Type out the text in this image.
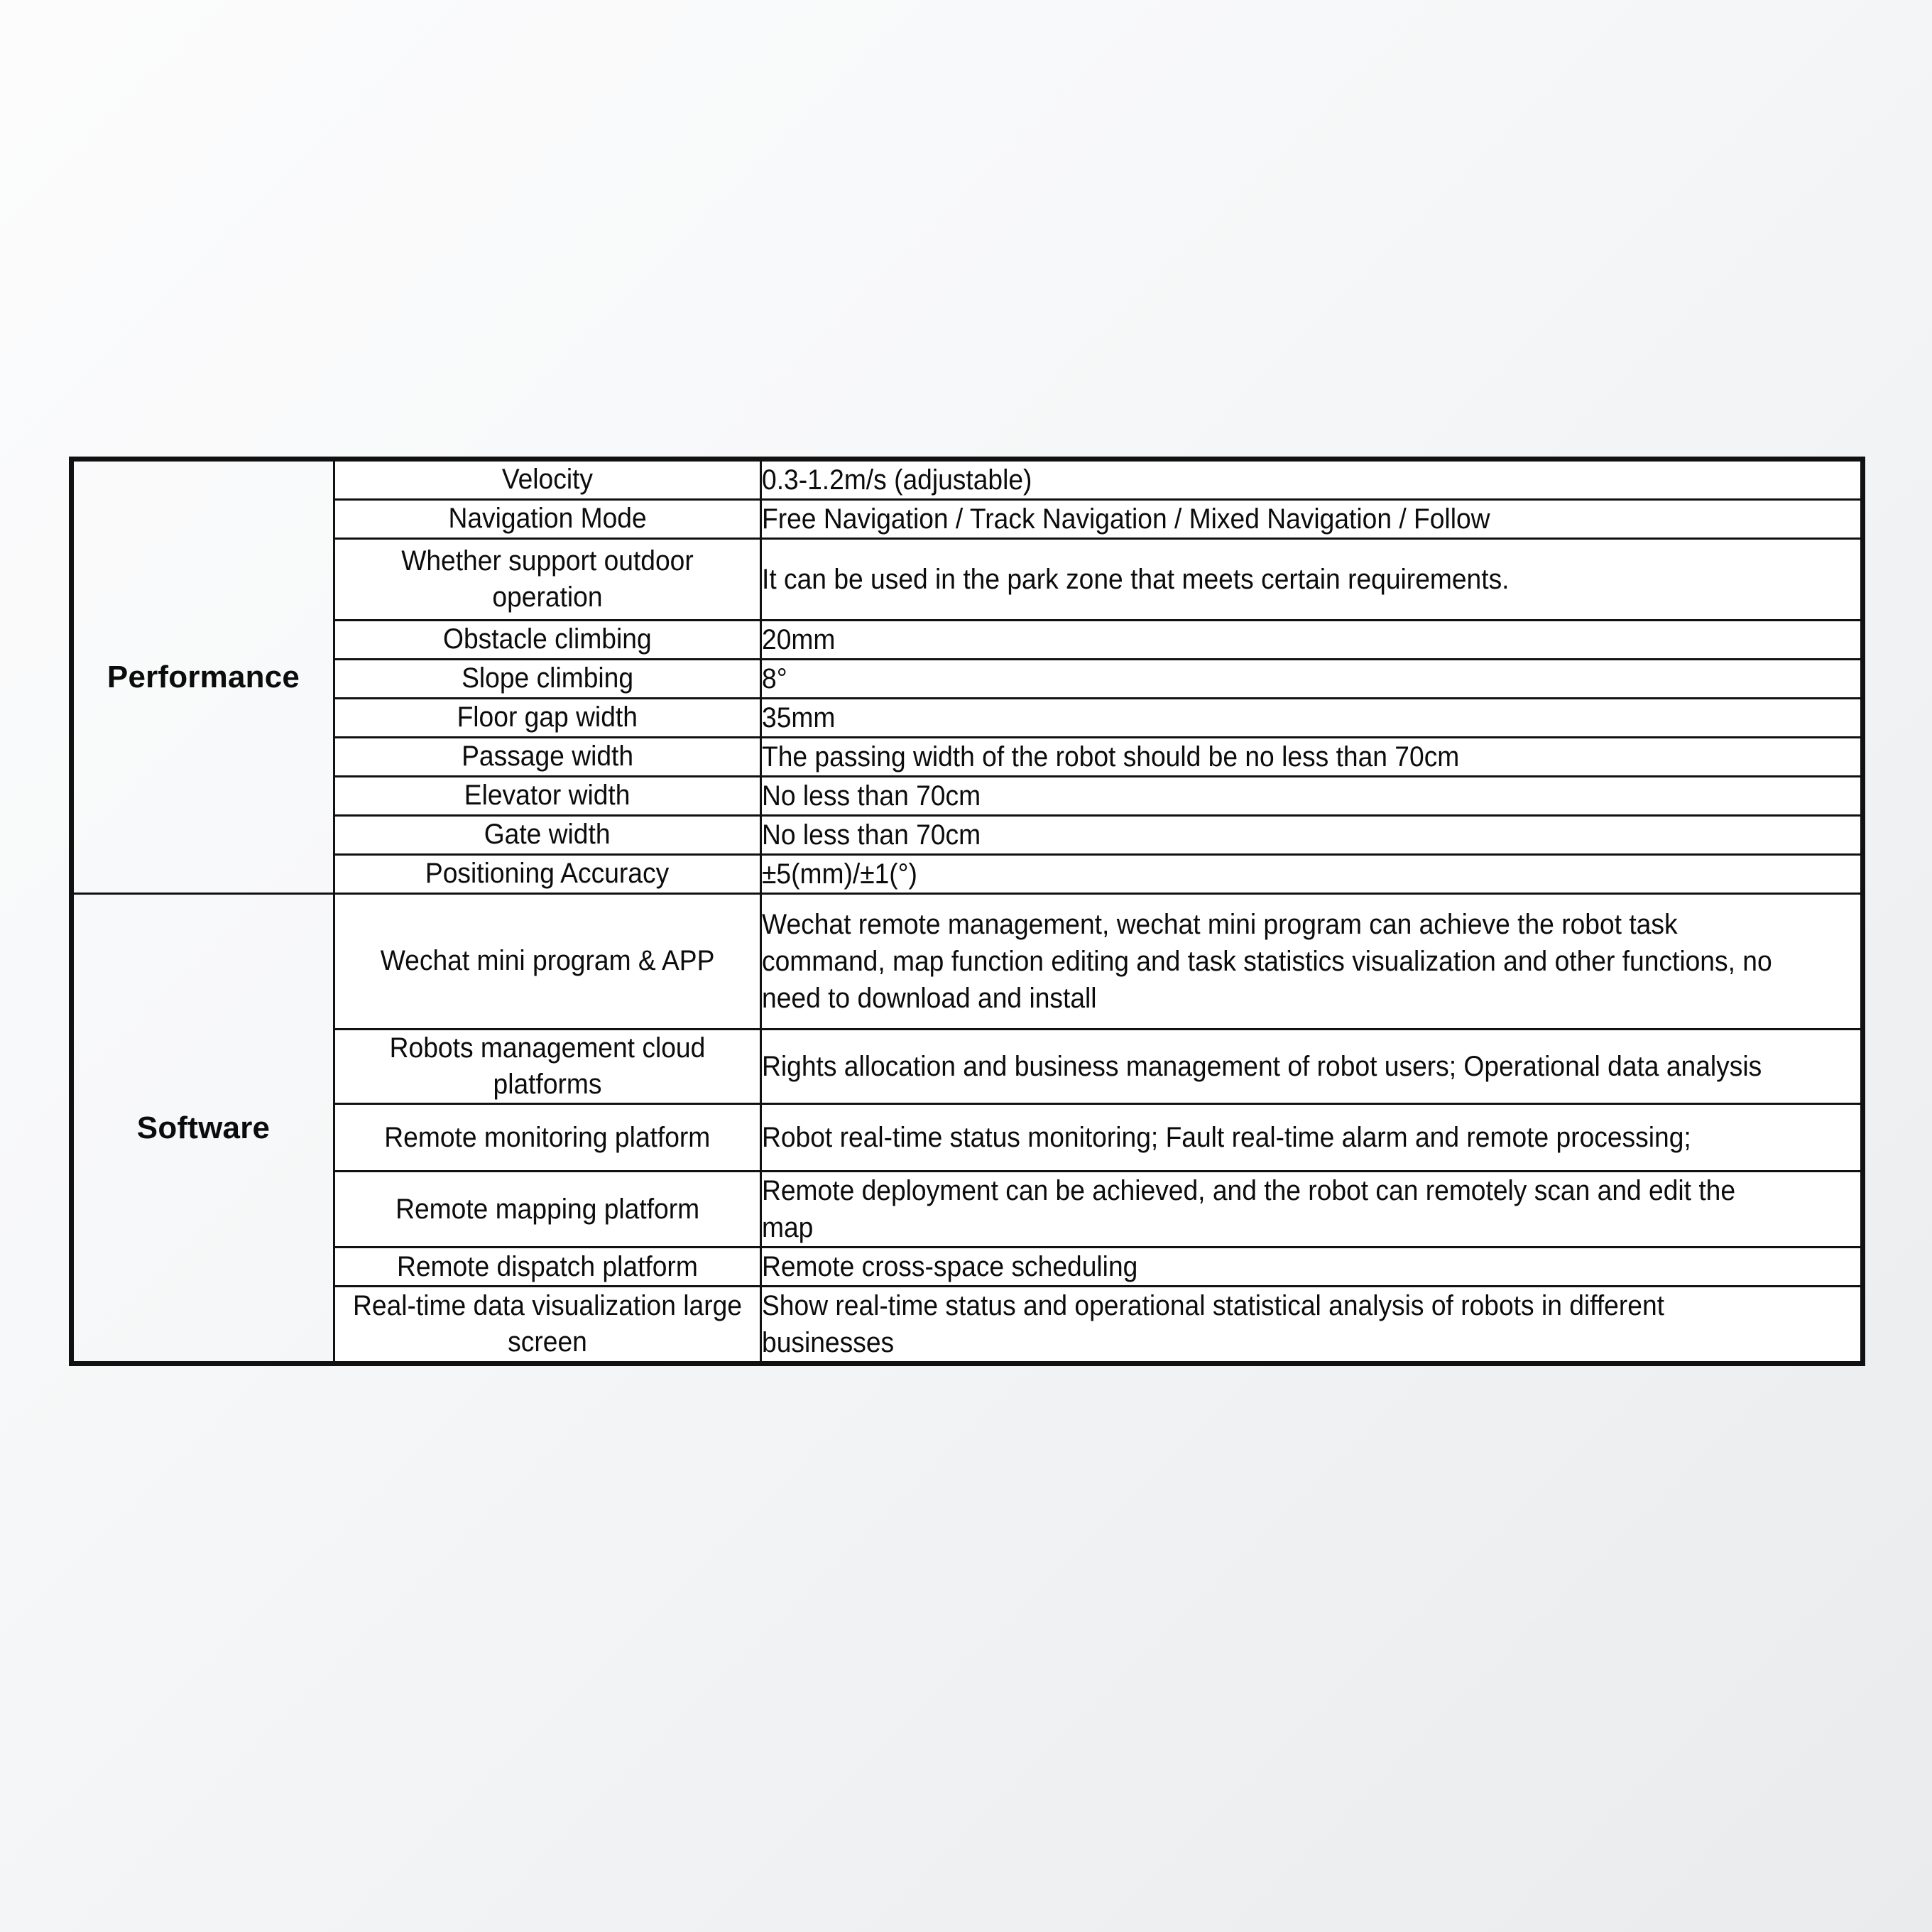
Performance	Velocity	0.3-1.2m/s (adjustable)
	Navigation Mode	Free Navigation / Track Navigation / Mixed Navigation / Follow
	Whether support outdoor operation	It can be used in the park zone that meets certain requirements.
	Obstacle climbing	20mm
	Slope climbing	8°
	Floor gap width	35mm
	Passage width	The passing width of the robot should be no less than 70cm
	Elevator width	No less than 70cm
	Gate width	No less than 70cm
	Positioning Accuracy	±5(mm)/±1(°)
Software	Wechat mini program & APP	Wechat remote management, wechat mini program can achieve the robot task command, map function editing and task statistics visualization and other functions, no need to download and install
	Robots management cloud platforms	Rights allocation and business management of robot users; Operational data analysis
	Remote monitoring platform	Robot real-time status monitoring; Fault real-time alarm and remote processing;
	Remote mapping platform	Remote deployment can be achieved, and the robot can remotely scan and edit the map
	Remote dispatch platform	Remote cross-space scheduling
	Real-time data visualization large screen	Show real-time status and operational statistical analysis of robots in different businesses
